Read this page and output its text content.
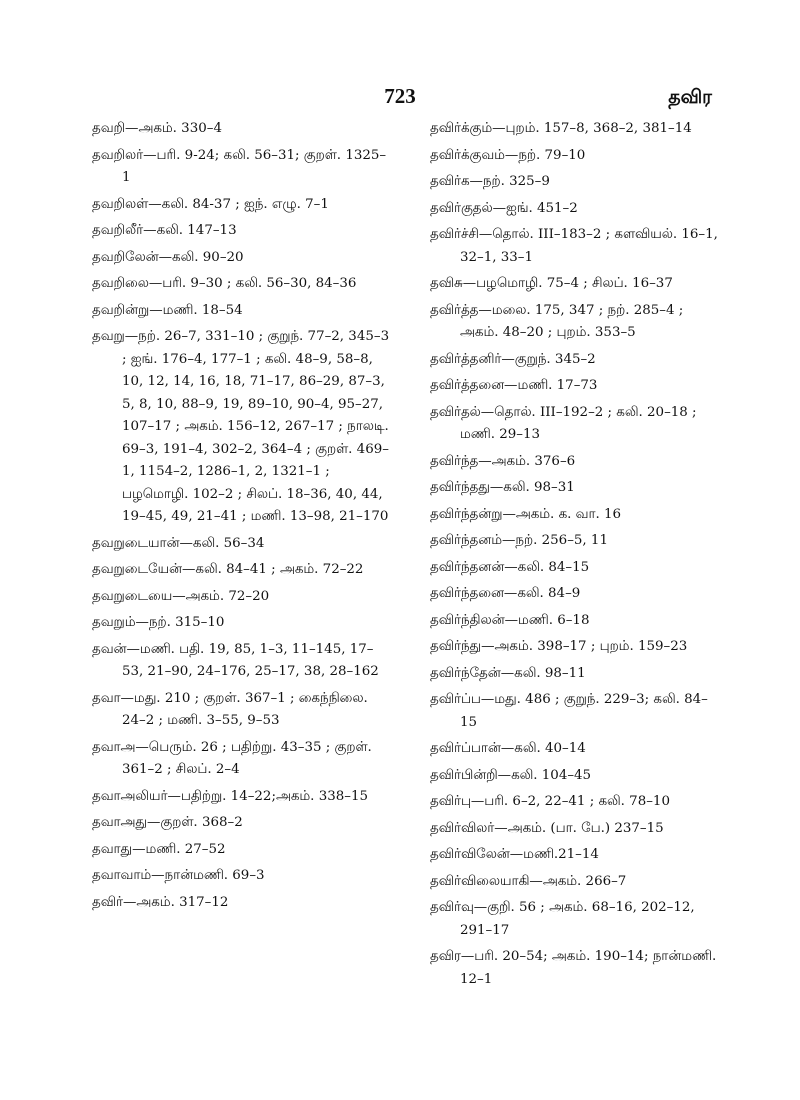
723	தவிர
தவறி—அகம். 330–4
தவறிலர்—பரி. 9-24; கலி. 56–31; குறள். 1325–1
தவறிலள்—கலி. 84-37 ; ஐந். எழு. 7–1
தவறிலீர்—கலி. 147–13
தவறிலேன்—கலி. 90–20
தவறிலை—பரி. 9–30 ; கலி. 56–30, 84–36
தவறின்று—மணி. 18–54
தவறு—நற். 26–7, 331–10 ; குறுந். 77–2, 345–3 ; ஐங். 176–4, 177–1 ; கலி. 48–9, 58–8, 10, 12, 14, 16, 18, 71–17, 86–29, 87–3, 5, 8, 10, 88–9, 19, 89–10, 90–4, 95–27, 107–17 ; அகம். 156–12, 267–17 ; நாலடி. 69–3, 191–4, 302–2, 364–4 ; குறள். 469–1, 1154–2, 1286–1, 2, 1321–1 ; பழமொழி. 102–2 ; சிலப். 18–36, 40, 44, 19–45, 49, 21–41 ; மணி. 13–98, 21–170
தவறுடையான்—கலி. 56–34
தவறுடையேன்—கலி. 84–41 ; அகம். 72–22
தவறுடையை—அகம். 72–20
தவறும்—நற். 315–10
தவன்—மணி. பதி. 19, 85, 1–3, 11–145, 17–53, 21–90, 24–176, 25–17, 38, 28–162
தவா—மது. 210 ; குறள். 367–1 ; கைந்நிலை. 24–2 ; மணி. 3–55, 9–53
தவாஅ—பெரும். 26 ; பதிற்று. 43–35 ; குறள். 361–2 ; சிலப். 2–4
தவாஅலியர்—பதிற்று. 14–22;அகம். 338–15
தவாஅது—குறள். 368–2
தவாது—மணி. 27–52
தவாவாம்—நான்மணி. 69–3
தவிர்—அகம். 317–12
தவிர்க்கும்—புறம். 157–8, 368–2, 381–14
தவிர்க்குவம்—நற். 79–10
தவிர்க—நற். 325–9
தவிர்குதல்—ஐங். 451–2
தவிர்ச்சி—தொல். III–183–2 ; களவியல். 16–1, 32–1, 33–1
தவிசு—பழமொழி. 75–4 ; சிலப். 16–37
தவிர்த்த—மலை. 175, 347 ; நற். 285–4 ; அகம். 48–20 ; புறம். 353–5
தவிர்த்தனிர்—குறுந். 345–2
தவிர்த்தனை—மணி. 17–73
தவிர்தல்—தொல். III–192–2 ; கலி. 20–18 ; மணி. 29–13
தவிர்ந்த—அகம். 376–6
தவிர்ந்தது—கலி. 98–31
தவிர்ந்தன்று—அகம். க. வா. 16
தவிர்ந்தனம்—நற். 256–5, 11
தவிர்ந்தனன்—கலி. 84–15
தவிர்ந்தனை—கலி. 84–9
தவிர்ந்திலன்—மணி. 6–18
தவிர்ந்து—அகம். 398–17 ; புறம். 159–23
தவிர்ந்தேன்—கலி. 98–11
தவிர்ப்ப—மது. 486 ; குறுந். 229–3; கலி. 84–15
தவிர்ப்பான்—கலி. 40–14
தவிர்பின்றி—கலி. 104–45
தவிர்பு—பரி. 6–2, 22–41 ; கலி. 78–10
தவிர்விலர்—அகம். (பா. பே.) 237–15
தவிர்விலேன்—மணி.21–14
தவிர்விலையாகி—அகம். 266–7
தவிர்வு—குறி. 56 ; அகம். 68–16, 202–12, 291–17
தவிர—பரி. 20–54; அகம். 190–14; நான்மணி. 12–1
